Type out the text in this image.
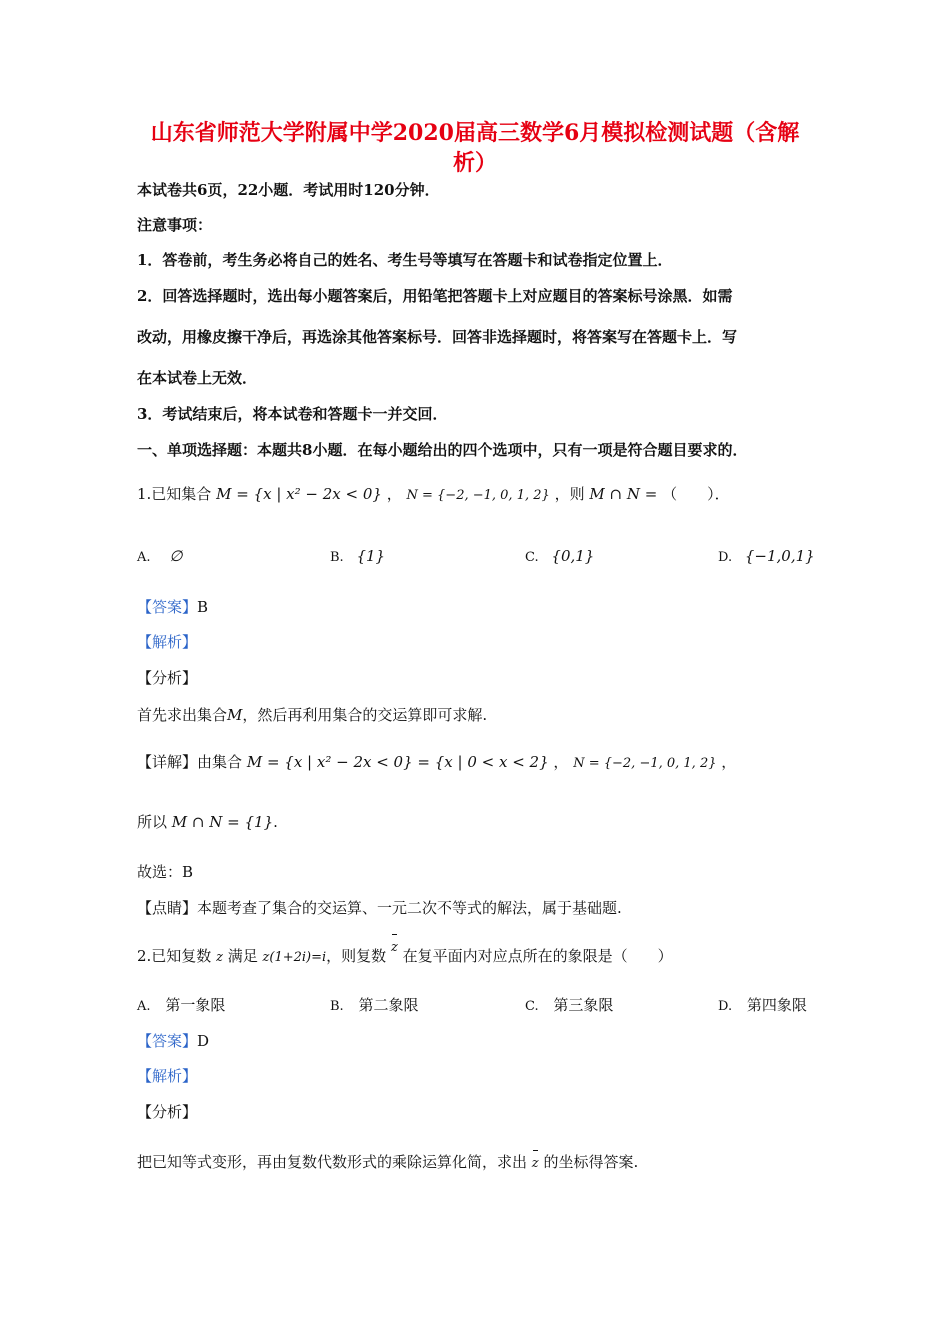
山东省师范大学附属中学2020届高三数学6月模拟检测试题（含解
析）
本试卷共6页，22小题．考试用时120分钟．
注意事项：
1．答卷前，考生务必将自己的姓名、考生号等填写在答题卡和试卷指定位置上．
2．回答选择题时，选出每小题答案后，用铅笔把答题卡上对应题目的答案标号涂黑．如需
改动，用橡皮擦干净后，再选涂其他答案标号．回答非选择题时，将答案写在答题卡上．写
在本试卷上无效．
3．考试结束后，将本试卷和答题卡一并交回．
一、单项选择题：本题共8小题．在每小题给出的四个选项中，只有一项是符合题目要求的．
1.已知集合 M = {x | x² − 2x < 0} ， N = {−2, −1, 0, 1, 2} ，则 M ∩ N = （　　）．
A. ∅	B. {1}	C. {0,1}	D. {−1,0,1}
【答案】B
【解析】
【分析】
首先求出集合M，然后再利用集合的交运算即可求解.
【详解】由集合 M = {x | x² − 2x < 0} = {x | 0 < x < 2} ， N = {−2, −1, 0, 1, 2} ，
所以 M ∩ N = {1}.
故选：B
【点睛】本题考查了集合的交运算、一元二次不等式的解法，属于基础题.
2.已知复数 z 满足 z(1+2i)=i，则复数 z 在复平面内对应点所在的象限是（　　）
A. 第一象限	B. 第二象限	C. 第三象限	D. 第四象限
【答案】D
【解析】
【分析】
把已知等式变形，再由复数代数形式的乘除运算化简，求出 z 的坐标得答案.
